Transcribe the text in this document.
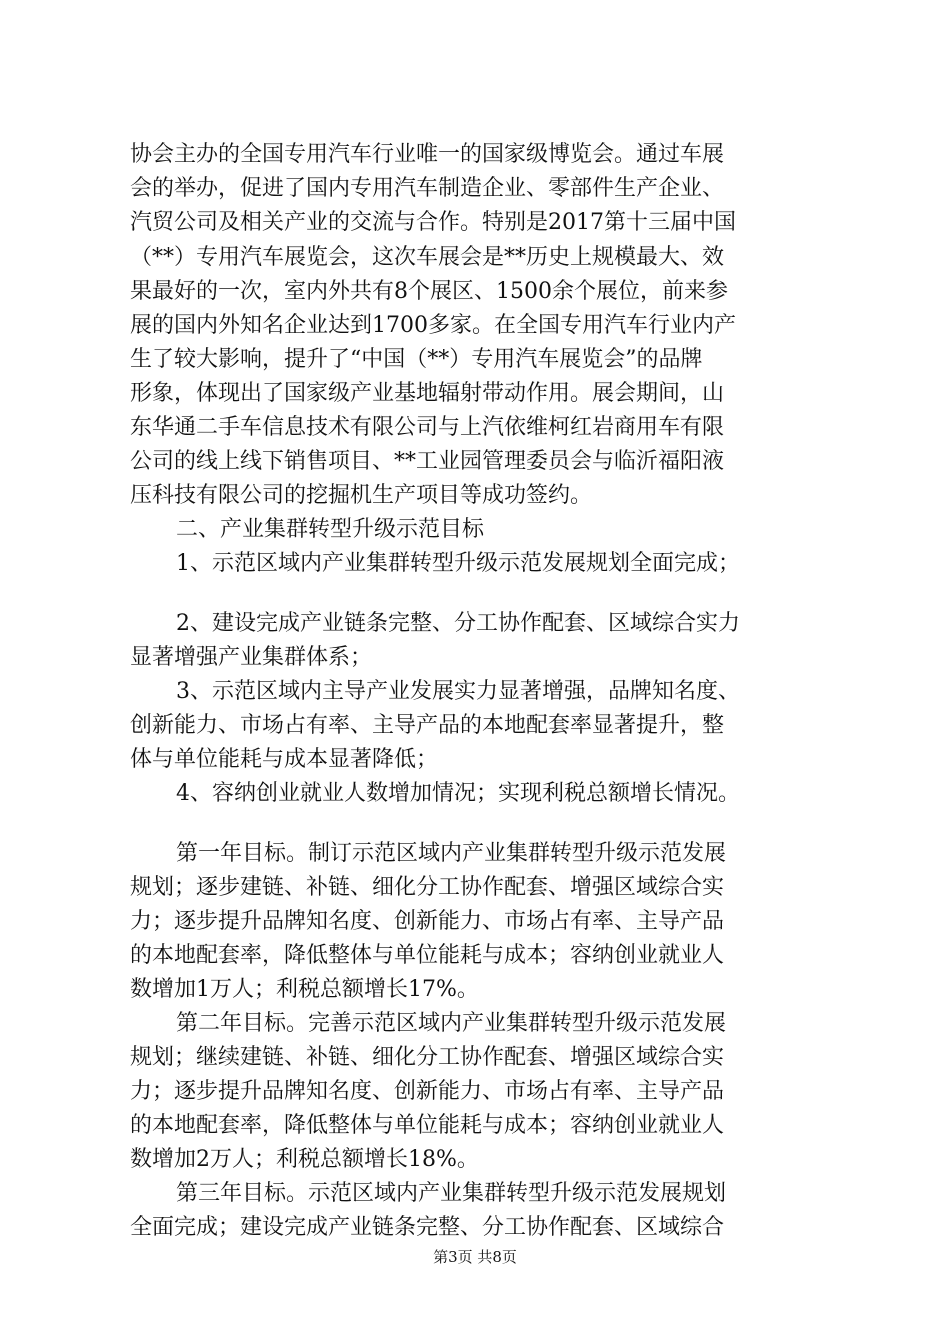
协会主办的全国专用汽车行业唯一的国家级博览会。通过车展
会的举办，促进了国内专用汽车制造企业、零部件生产企业、
汽贸公司及相关产业的交流与合作。特别是2017第十三届中国
（**）专用汽车展览会，这次车展会是**历史上规模最大、效
果最好的一次，室内外共有8个展区、1500余个展位，前来参
展的国内外知名企业达到1700多家。在全国专用汽车行业内产
生了较大影响，提升了“中国（**）专用汽车展览会”的品牌
形象，体现出了国家级产业基地辐射带动作用。展会期间，山
东华通二手车信息技术有限公司与上汽依维柯红岩商用车有限
公司的线上线下销售项目、**工业园管理委员会与临沂福阳液
压科技有限公司的挖掘机生产项目等成功签约。
二、产业集群转型升级示范目标
1、示范区域内产业集群转型升级示范发展规划全面完成；
2、建设完成产业链条完整、分工协作配套、区域综合实力
显著增强产业集群体系；
3、示范区域内主导产业发展实力显著增强，品牌知名度、
创新能力、市场占有率、主导产品的本地配套率显著提升，整
体与单位能耗与成本显著降低；
4、容纳创业就业人数增加情况；实现利税总额增长情况。
第一年目标。制订示范区域内产业集群转型升级示范发展
规划；逐步建链、补链、细化分工协作配套、增强区域综合实
力；逐步提升品牌知名度、创新能力、市场占有率、主导产品
的本地配套率，降低整体与单位能耗与成本；容纳创业就业人
数增加1万人；利税总额增长17%。
第二年目标。完善示范区域内产业集群转型升级示范发展
规划；继续建链、补链、细化分工协作配套、增强区域综合实
力；逐步提升品牌知名度、创新能力、市场占有率、主导产品
的本地配套率，降低整体与单位能耗与成本；容纳创业就业人
数增加2万人；利税总额增长18%。
第三年目标。示范区域内产业集群转型升级示范发展规划
全面完成；建设完成产业链条完整、分工协作配套、区域综合
第3页 共8页
